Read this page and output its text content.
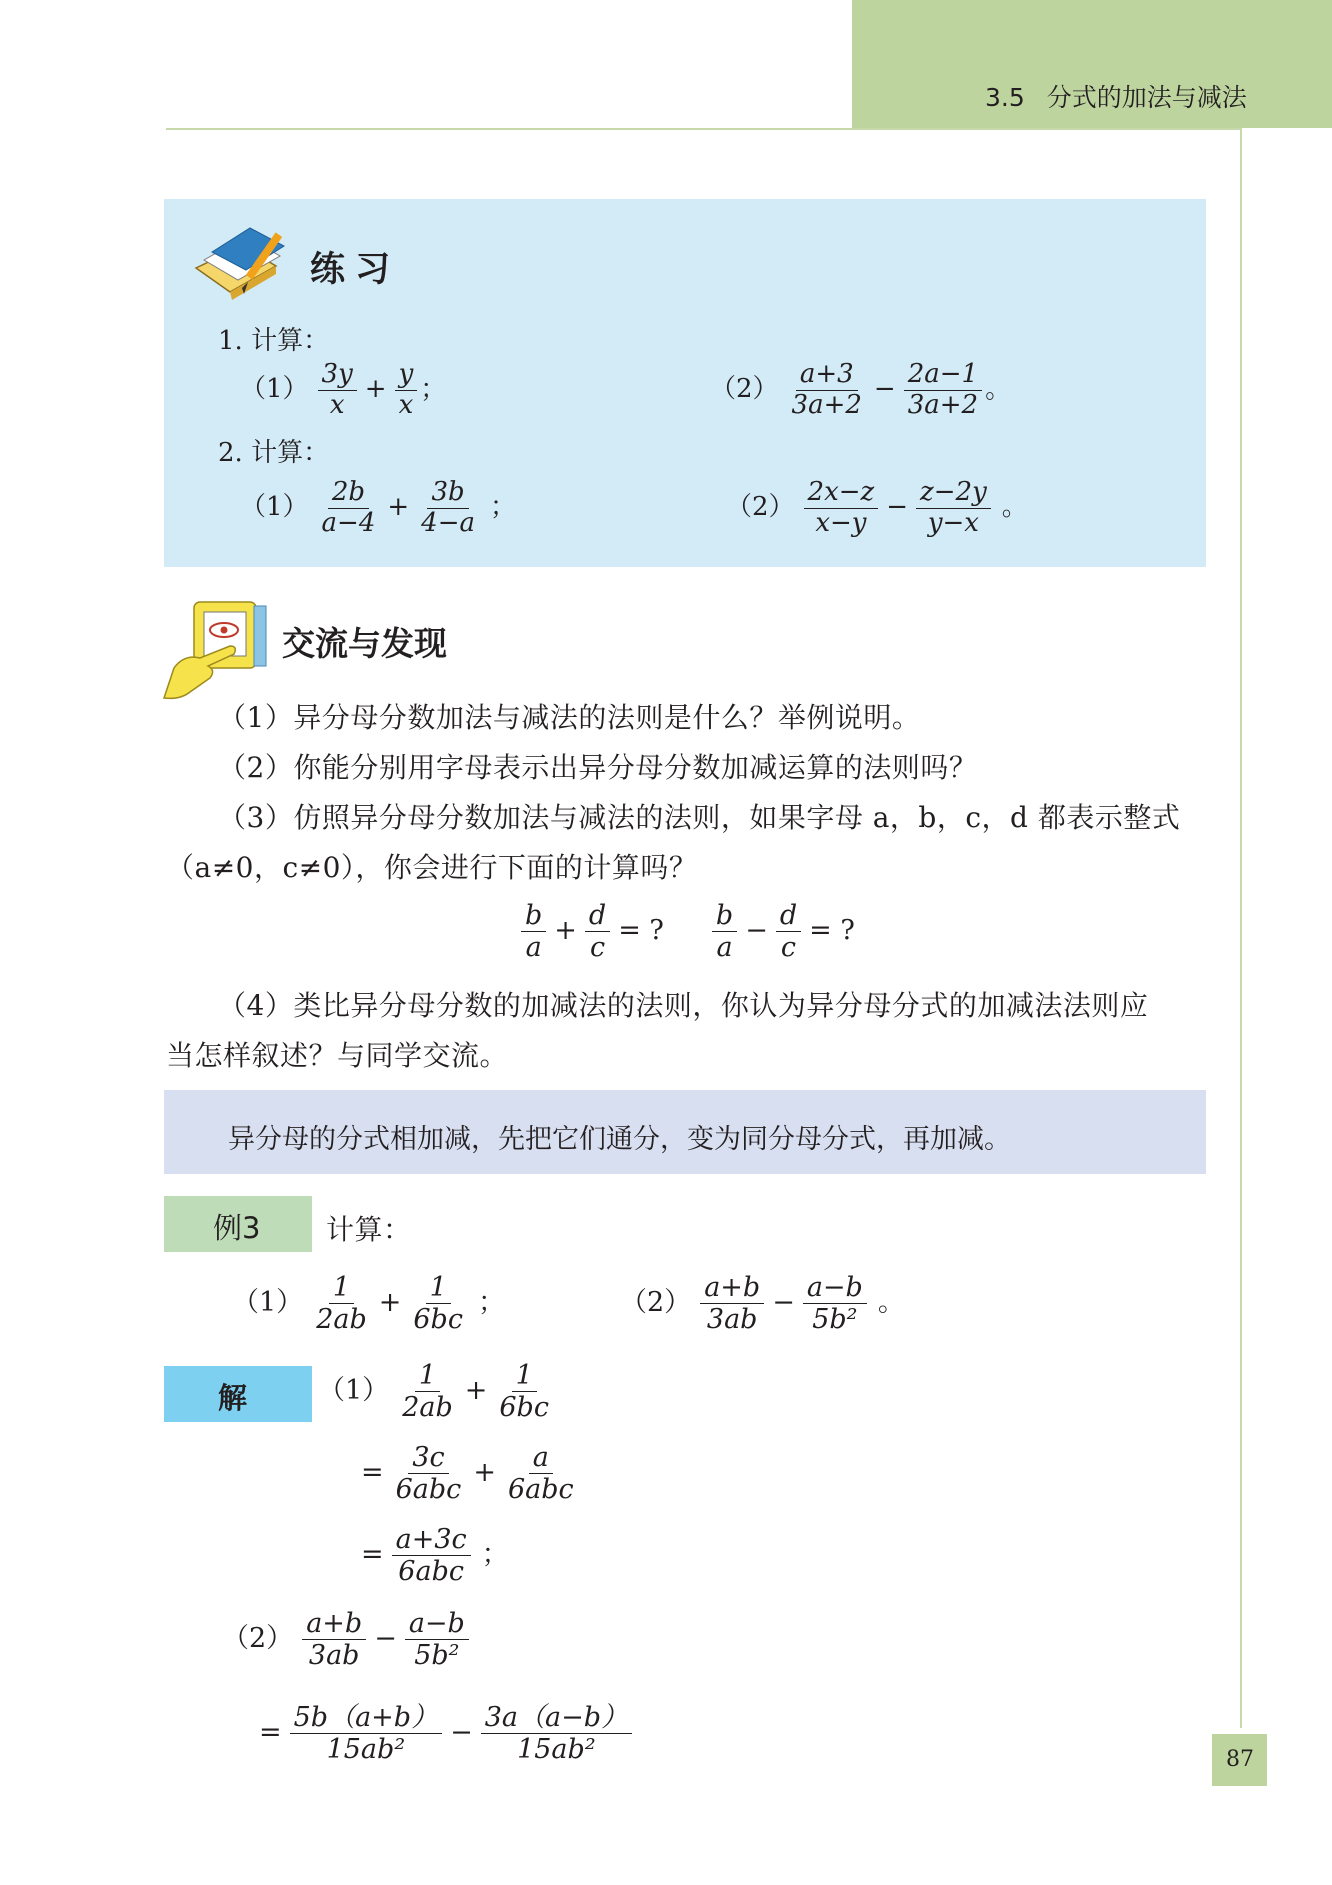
3.5 分式的加法与减法
练习
1. 计算：
$(1) \frac{3y}{x} + \frac{y}{x}$ ；	$(2) \frac{a+3}{3a+2} - \frac{2a-1}{3a+2}$ 。
2. 计算：
$(1) \frac{2b}{a-4} + \frac{3b}{4-a}$ ；	$(2) \frac{2x-z}{x-y} - \frac{z-2y}{y-x}$ 。
交流与发现
（1）异分母分数加法与减法的法则是什么？举例说明。
（2）你能分别用字母表示出异分母分数加减运算的法则吗？
（3）仿照异分母分数加法与减法的法则，如果字母 a，b，c，d 都表示整式
（a≠0，c≠0），你会进行下面的计算吗？
$\frac{b}{a} + \frac{d}{c}$ = ? $\frac{b}{a} - \frac{d}{c}$ = ?
（4）类比异分母分数的加减法的法则，你认为异分母分式的加减法法则应
当怎样叙述？与同学交流。
异分母的分式相加减，先把它们通分，变为同分母分式，再加减。
例3 计算：
$(1) \frac{1}{2ab} + \frac{1}{6bc}$ ；	$(2) \frac{a+b}{3ab} - \frac{a-b}{\text{5b²}}$ 。
解	$(1) \frac{1}{2ab} + \frac{1}{6bc}$
= $\frac{3c}{\text{6abc}} + \frac{a}{\text{6abc}}$
= $\frac{a+3c}{\text{6abc}}$ ；
$(2) \frac{a+b}{3ab} - \frac{a-b}{\text{5b²}}$
= $\frac{5b(a+b)}{\text{15ab²}} - \frac{3a(a-b)}{\text{15ab²}}$	87
